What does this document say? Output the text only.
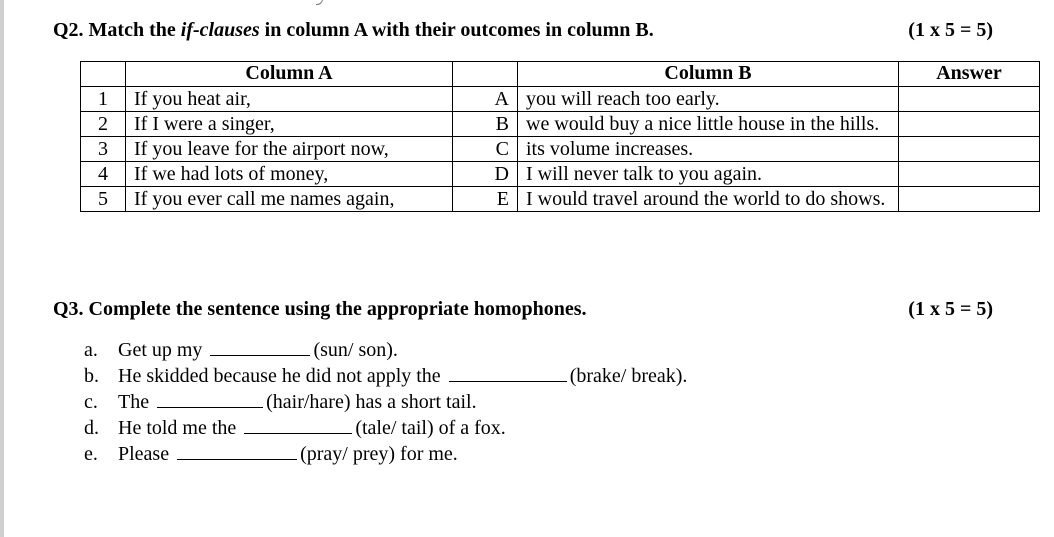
Q2. Match the if-clauses in column A with their outcomes in column B.	(1 x 5 = 5)
	Column A		Column B	Answer
1	If you heat air,	A	you will reach too early.	
2	If I were a singer,	B	we would buy a nice little house in the hills.	
3	If you leave for the airport now,	C	its volume increases.	
4	If we had lots of money,	D	I will never talk to you again.	
5	If you ever call me names again,	E	I would travel around the world to do shows.	
Q3. Complete the sentence using the appropriate homophones.	(1 x 5 = 5)
a. Get up my	(sun/ son).
b. He skidded because he did not apply the	(brake/ break).
c. The	(hair/hare) has a short tail.
d. He told me the	(tale/ tail) of a fox.
e. Please	(pray/ prey) for me.
